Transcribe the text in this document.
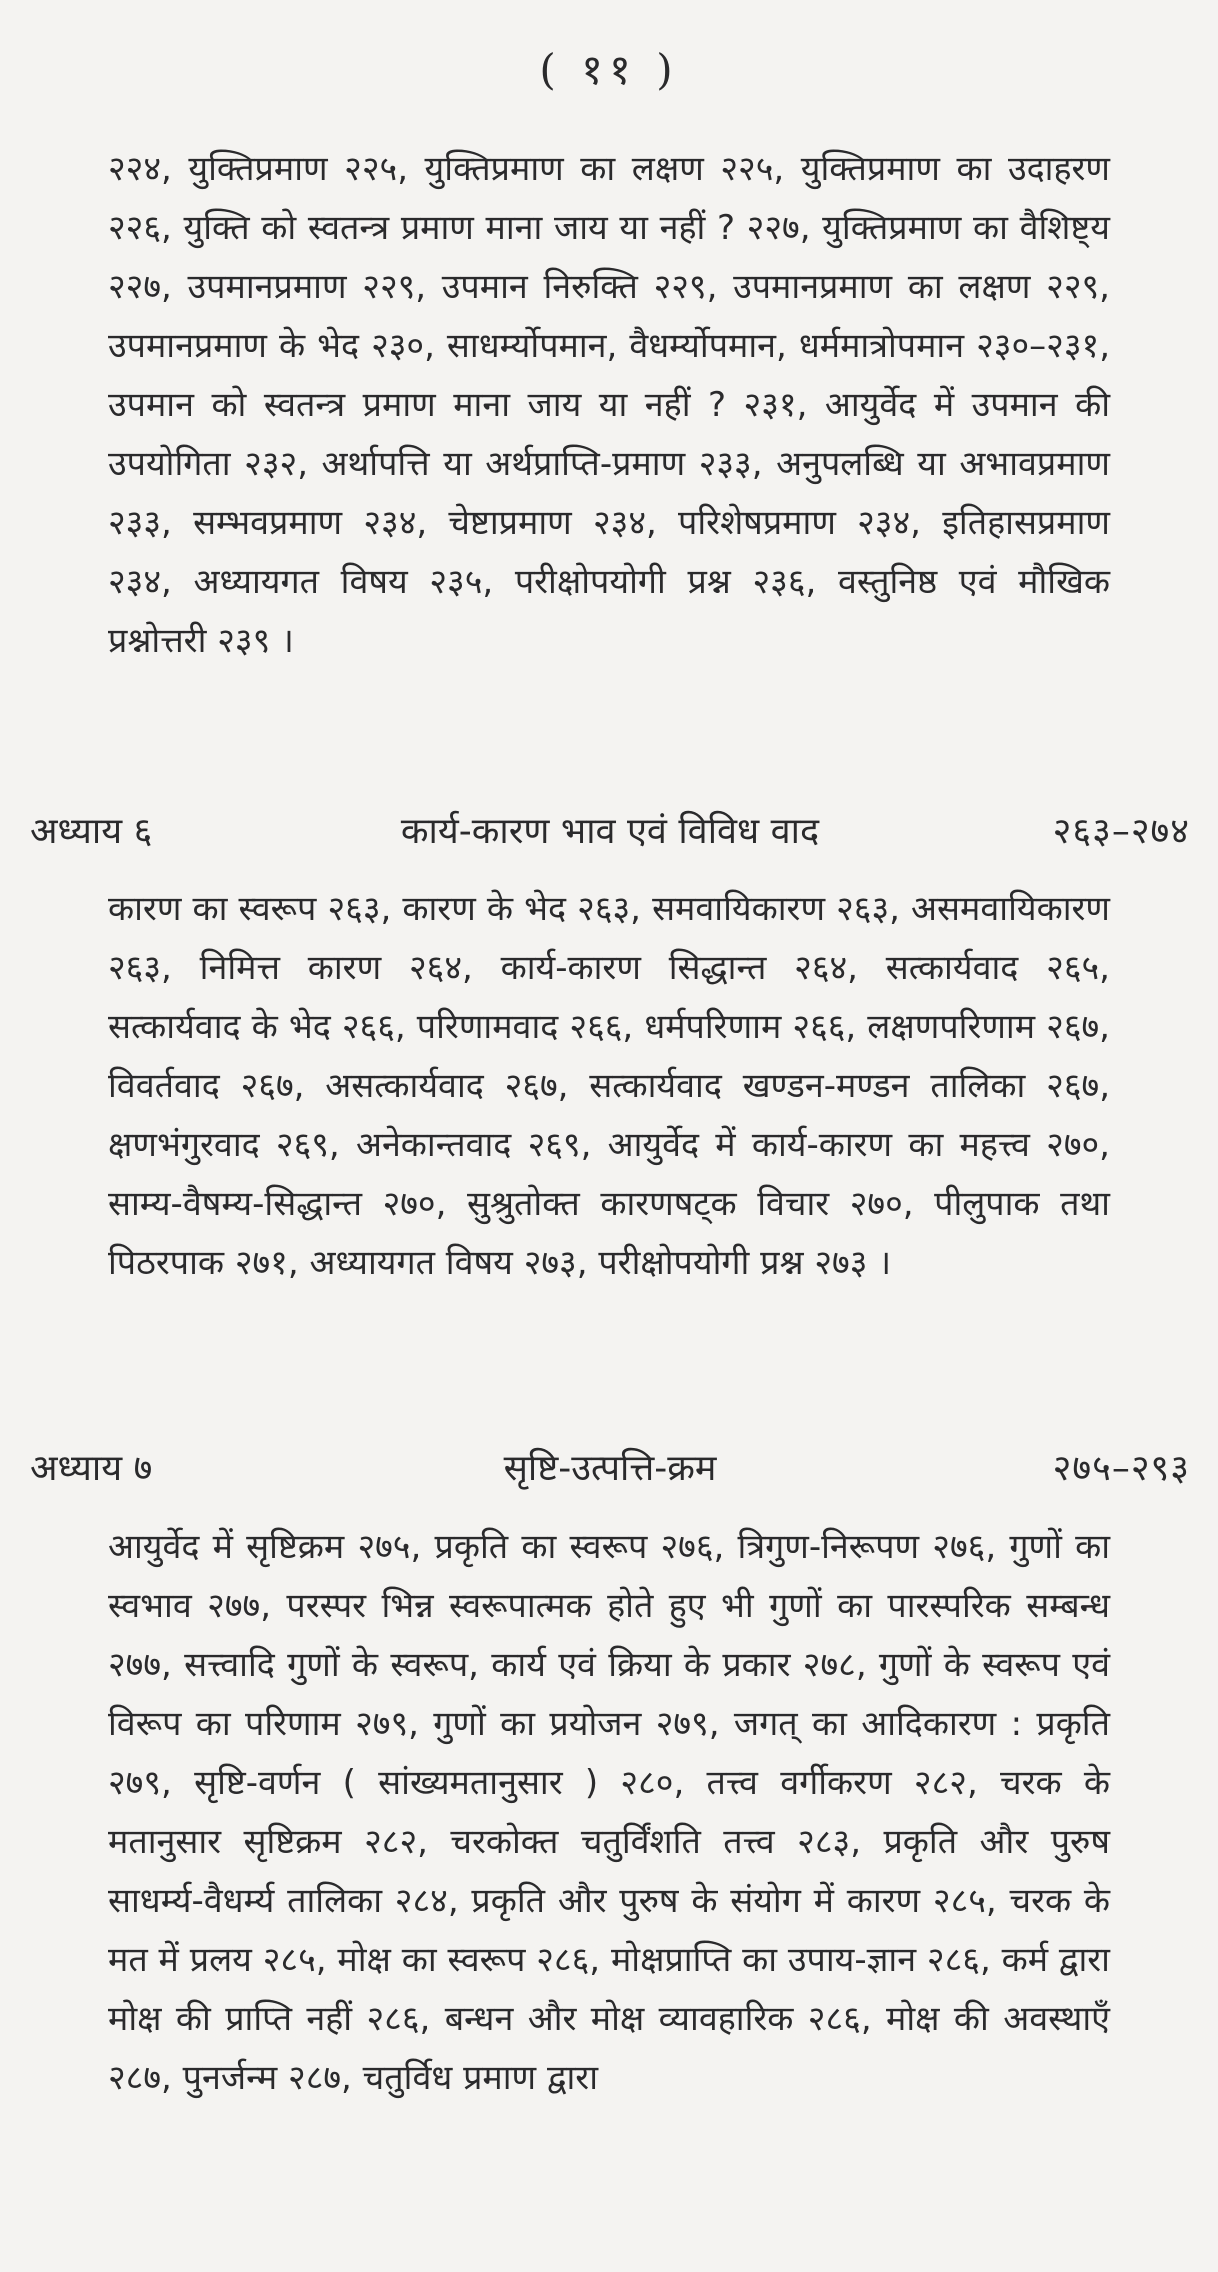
( ११ )
२२४, युक्तिप्रमाण २२५, युक्तिप्रमाण का लक्षण २२५, युक्तिप्रमाण का उदाहरण २२६, युक्ति को स्वतन्त्र प्रमाण माना जाय या नहीं ? २२७, युक्तिप्रमाण का वैशिष्ट्य २२७, उपमानप्रमाण २२९, उपमान निरुक्ति २२९, उपमानप्रमाण का लक्षण २२९, उपमानप्रमाण के भेद २३०, साधर्म्योपमान, वैधर्म्योपमान, धर्ममात्रोपमान २३०–२३१, उपमान को स्वतन्त्र प्रमाण माना जाय या नहीं ? २३१, आयुर्वेद में उपमान की उपयोगिता २३२, अर्थापत्ति या अर्थप्राप्ति-प्रमाण २३३, अनुपलब्धि या अभावप्रमाण २३३, सम्भवप्रमाण २३४, चेष्टाप्रमाण २३४, परिशेषप्रमाण २३४, इतिहासप्रमाण २३४, अध्यायगत विषय २३५, परीक्षोपयोगी प्रश्न २३६, वस्तुनिष्ठ एवं मौखिक प्रश्नोत्तरी २३९ ।
कार्य-कारण भाव एवं विविध वाद
अध्याय ६	२६३–२७४
कारण का स्वरूप २६३, कारण के भेद २६३, समवायिकारण २६३, असमवायिकारण २६३, निमित्त कारण २६४, कार्य-कारण सिद्धान्त २६४, सत्कार्यवाद २६५, सत्कार्यवाद के भेद २६६, परिणामवाद २६६, धर्मपरिणाम २६६, लक्षणपरिणाम २६७, विवर्तवाद २६७, असत्कार्यवाद २६७, सत्कार्यवाद खण्डन-मण्डन तालिका २६७, क्षणभंगुरवाद २६९, अनेकान्तवाद २६९, आयुर्वेद में कार्य-कारण का महत्त्व २७०, साम्य-वैषम्य-सिद्धान्त २७०, सुश्रुतोक्त कारणषट्क विचार २७०, पीलुपाक तथा पिठरपाक २७१, अध्यायगत विषय २७३, परीक्षोपयोगी प्रश्न २७३ ।
सृष्टि-उत्पत्ति-क्रम
अध्याय ७	२७५–२९३
आयुर्वेद में सृष्टिक्रम २७५, प्रकृति का स्वरूप २७६, त्रिगुण-निरूपण २७६, गुणों का स्वभाव २७७, परस्पर भिन्न स्वरूपात्मक होते हुए भी गुणों का पारस्परिक सम्बन्ध २७७, सत्त्वादि गुणों के स्वरूप, कार्य एवं क्रिया के प्रकार २७८, गुणों के स्वरूप एवं विरूप का परिणाम २७९, गुणों का प्रयोजन २७९, जगत् का आदिकारण : प्रकृति २७९, सृष्टि-वर्णन ( सांख्यमतानुसार ) २८०, तत्त्व वर्गीकरण २८२, चरक के मतानुसार सृष्टिक्रम २८२, चरकोक्त चतुर्विंशति तत्त्व २८३, प्रकृति और पुरुष साधर्म्य-वैधर्म्य तालिका २८४, प्रकृति और पुरुष के संयोग में कारण २८५, चरक के मत में प्रलय २८५, मोक्ष का स्वरूप २८६, मोक्षप्राप्ति का उपाय-ज्ञान २८६, कर्म द्वारा मोक्ष की प्राप्ति नहीं २८६, बन्धन और मोक्ष व्यावहारिक २८६, मोक्ष की अवस्थाएँ २८७, पुनर्जन्म २८७, चतुर्विध प्रमाण द्वारा
